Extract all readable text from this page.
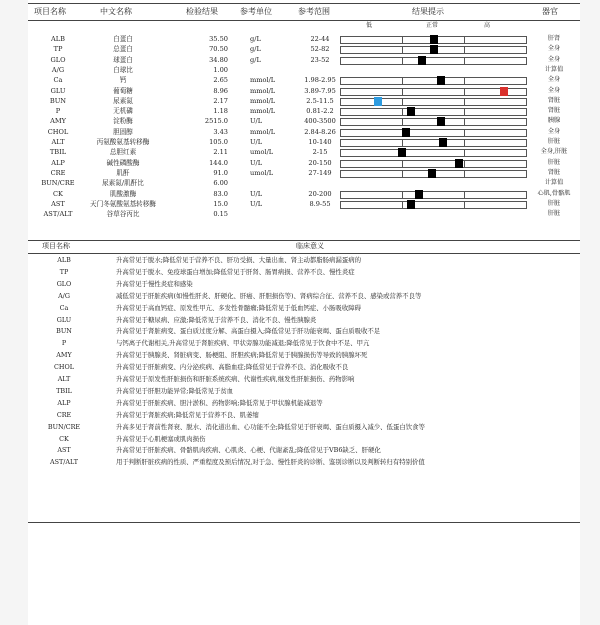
项目名称	中文名称	检验结果	参考单位	参考范围	结果提示	器官
低	正常	高
ALB	白蛋白	35.50	g/L	22-44	肝肾
TP	总蛋白	70.50	g/L	52-82	全身
GLO	球蛋白	34.80	g/L	23-52	全身
A/G	白球比	1.00	计算值
Ca	钙	2.65	mmol/L	1.98-2.95	全身
GLU	葡萄糖	8.96	mmol/L	3.89-7.95	全身
BUN	尿素氮	2.17	mmol/L	2.5-11.5	肾脏
P	无机磷	1.18	mmol/L	0.81-2.2	肾脏
AMY	淀粉酶	2515.0	U/L	400-3500	胰腺
CHOL	胆固醇	3.43	mmol/L	2.84-8.26	全身
ALT	丙氨酸氨基转移酶	105.0	U/L	10-140	肝脏
TBIL	总胆红素	2.11	umol/L	2-15	全身,肝脏
ALP	碱性磷酸酶	144.0	U/L	20-150	肝脏
CRE	肌酐	91.0	umol/L	27-149	肾脏
BUN/CRE	尿素氮/肌酐比	6.00	计算值
CK	肌酸激酶	83.0	U/L	20-200	心肌,骨骼肌
AST	天门冬氨酸氨基转移酶	15.0	U/L	8.9-55	肝脏
AST/ALT	谷草谷丙比	0.15	肝脏
项目名称	临床意义
ALB	升高常见于脱水;降低常见于营养不良、肝功受损、大量出血、肾主动都脂肠病漏蛋病的
TP	升高常见于脱水、免疫球蛋白增加;降低常见于肝肾、肠胃病损、营养不良、慢性炎症
GLO	升高常见于慢性炎症和感染
A/G	减低常见于肝脏疾病(如慢性肝炎、肝硬化、肝癌、肝胆损伤等)、肾病综合征、营养不良、感染或营养不良等
Ca	升高常见于高血钙症、原发性甲亢、多发性骨髓瘤;降低常见于低血钙症、小肠吸收障碍
GLU	升高常见于糖尿病、应激;降低常见于营养不良、消化不良、慢性胰腺炎
BUN	升高常见于肾脏病变、蛋白质过度分解、高蛋白摄入;降低常见于肝功能衰竭、蛋白质吸收不足
P	与钙离子代谢相关,升高常见于肾脏疾病、甲状旁腺功能减退;降低常见于饮食中不足、甲亢
AMY	升高常见于胰腺炎、肾脏病变、肠梗阻、肝胆疾病;降低常见于胰腺损伤等导致的胰腺坏死
CHOL	升高常见于肝脏病变、内分泌疾病、高脂血症;降低常见于营养不良、消化吸收不良
ALT	升高常见于原发性肝脏损伤和肝脏系统疾病、代谢性疾病,继发性肝脏损伤、药物影响
TBIL	升高常见于肝胆功能异常;降低常见于贫血
ALP	升高常见于肝脏疾病、胆汁淤积、药物影响;降低常见于甲状腺机能减退等
CRE	升高常见于肾脏疾病;降低常见于营养不良、肌萎缩
BUN/CRE	升高多见于肾前性肾衰、脱水、消化道出血、心功能不全;降低常见于肝衰竭、蛋白质摄入减少、低蛋白饮食等
CK	升高常见于心肌梗塞或肌肉损伤
AST	升高常见于肝脏疾病、骨骼肌肉疾病、心肌炎、心梗、代谢紊乱;降低常见于VB6缺乏、肝硬化
AST/ALT	用于判断肝脏疾病的性质、严重程度及预后情况,对于急、慢性肝炎的诊断、鉴别诊断以及判断转归有特别价值
